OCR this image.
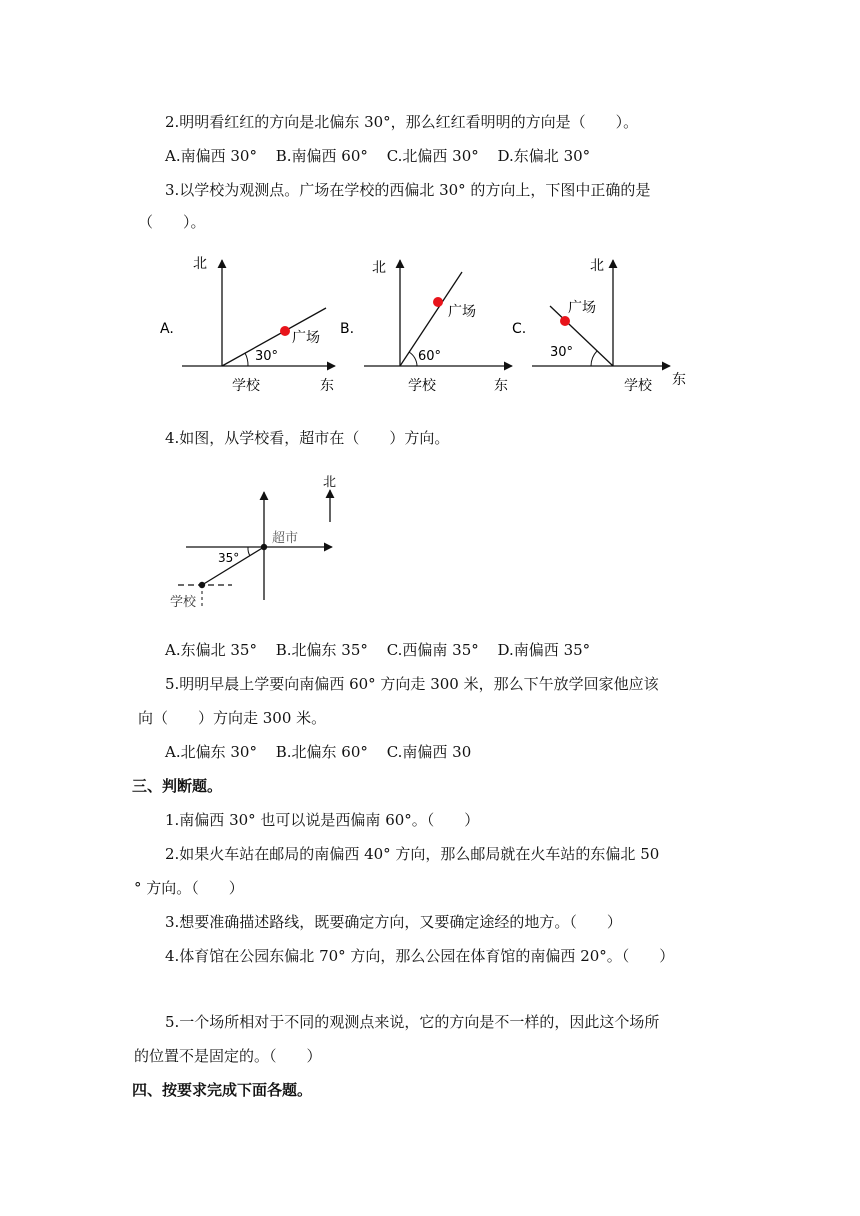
2.明明看红红的方向是北偏东 30°，那么红红看明明的方向是（　　）。
A.南偏西 30° B.南偏西 60° C.北偏西 30° D.东偏北 30°
3.以学校为观测点。广场在学校的西偏北 30° 的方向上，下图中正确的是
（　　）。
A.
北
东
学校
广场
30°
B.
北
东
学校
广场
60°
C.
北
东
学校
广场
30°
4.如图，从学校看，超市在（　　）方向。
北
超市
学校
35°
A.东偏北 35° B.北偏东 35° C.西偏南 35° D.南偏西 35°
5.明明早晨上学要向南偏西 60° 方向走 300 米，那么下午放学回家他应该
向（　　）方向走 300 米。
A.北偏东 30° B.北偏东 60° C.南偏西 30
三、判断题。
1.南偏西 30° 也可以说是西偏南 60°。（　　）
2.如果火车站在邮局的南偏西 40° 方向，那么邮局就在火车站的东偏北 50
° 方向。（　　）
3.想要准确描述路线，既要确定方向，又要确定途经的地方。（　　）
4.体育馆在公园东偏北 70° 方向，那么公园在体育馆的南偏西 20°。（　　）
5.一个场所相对于不同的观测点来说，它的方向是不一样的，因此这个场所
的位置不是固定的。（　　）
四、按要求完成下面各题。
